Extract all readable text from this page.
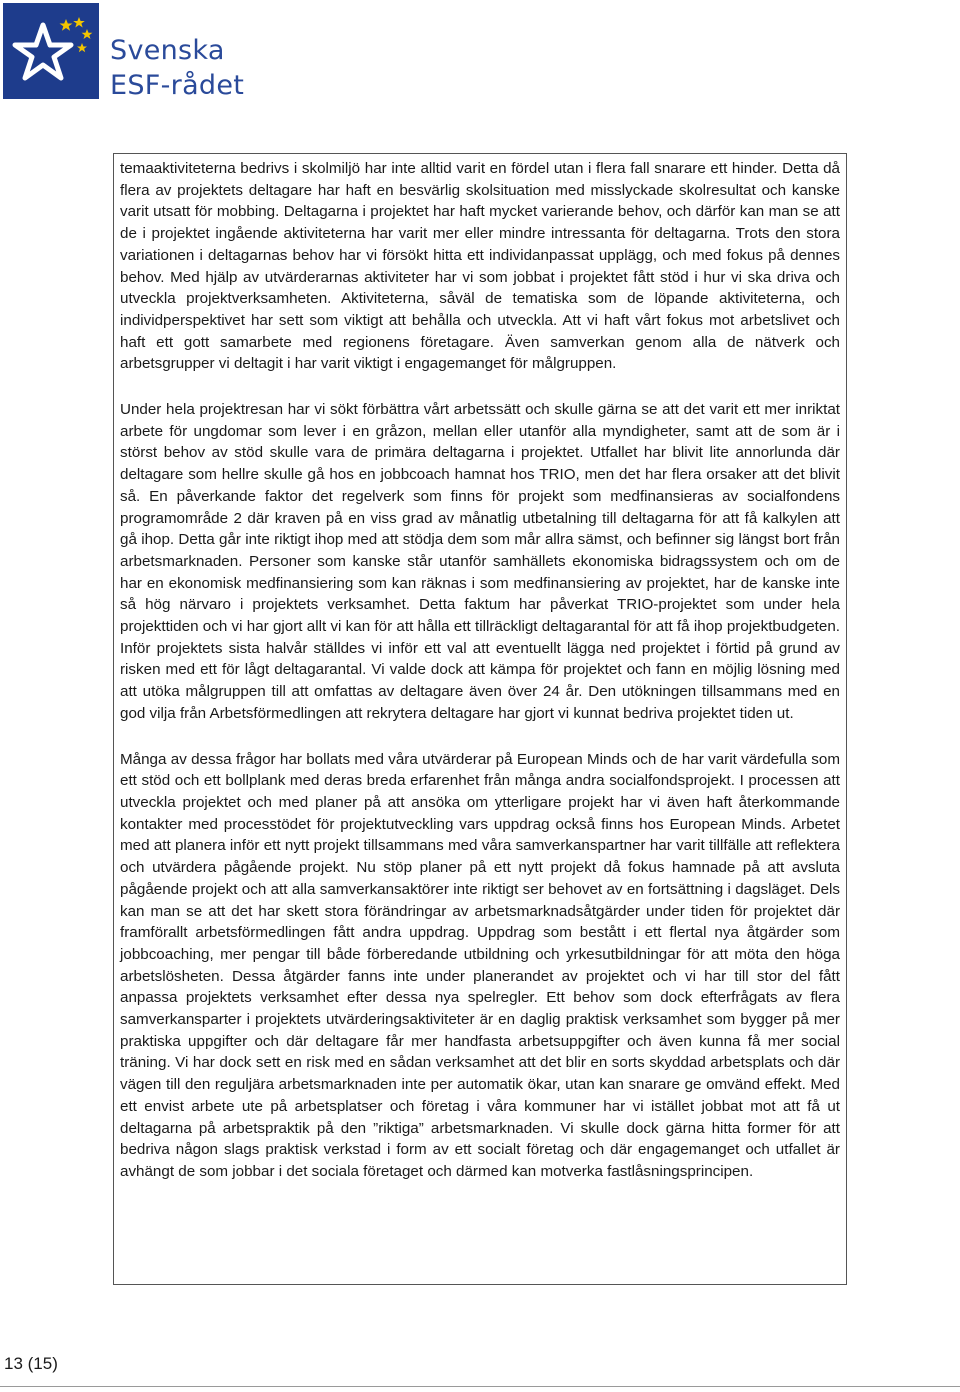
Svenska
ESF-rådet

temaaktiviteterna bedrivs i skolmiljö har inte alltid varit en fördel utan i flera fall snarare ett hinder. Detta då flera av projektets deltagare har haft en besvärlig skolsituation med misslyckade skolresultat och kanske varit utsatt för mobbing. Deltagarna i projektet har haft mycket varierande behov, och därför kan man se att de i projektet ingående aktiviteterna har varit mer eller mindre intressanta för deltagarna. Trots den stora variationen i deltagarnas behov har vi försökt hitta ett individanpassat upplägg, och med fokus på dennes behov. Med hjälp av utvärderarnas aktiviteter har vi som jobbat i projektet fått stöd i hur vi ska driva och utveckla projektverksamheten. Aktiviteterna, såväl de tematiska som de löpande aktiviteterna, och individperspektivet har sett som viktigt att behålla och utveckla. Att vi haft vårt fokus mot arbetslivet och haft ett gott samarbete med regionens företagare. Även samverkan genom alla de nätverk och arbetsgrupper vi deltagit i har varit viktigt i engagemanget för målgruppen.

Under hela projektresan har vi sökt förbättra vårt arbetssätt och skulle gärna se att det varit ett mer inriktat arbete för ungdomar som lever i en gråzon, mellan eller utanför alla myndigheter, samt att de som är i störst behov av stöd skulle vara de primära deltagarna i projektet. Utfallet har blivit lite annorlunda där deltagare som hellre skulle gå hos en jobbcoach hamnat hos TRIO, men det har flera orsaker att det blivit så. En påverkande faktor det regelverk som finns för projekt som medfinansieras av socialfondens programområde 2 där kraven på en viss grad av månatlig utbetalning till deltagarna för att få kalkylen att gå ihop. Detta går inte riktigt ihop med att stödja dem som mår allra sämst, och befinner sig längst bort från arbetsmarknaden. Personer som kanske står utanför samhällets ekonomiska bidragssystem och om de har en ekonomisk medfinansiering som kan räknas i som medfinansiering av projektet, har de kanske inte så hög närvaro i projektets verksamhet. Detta faktum har påverkat TRIO-projektet som under hela projekttiden och vi har gjort allt vi kan för att hålla ett tillräckligt deltagarantal för att få ihop projektbudgeten. Inför projektets sista halvår ställdes vi inför ett val att eventuellt lägga ned projektet i förtid på grund av risken med ett för lågt deltagarantal. Vi valde dock att kämpa för projektet och fann en möjlig lösning med att utöka målgruppen till att omfattas av deltagare även över 24 år. Den utökningen tillsammans med en god vilja från Arbetsförmedlingen att rekrytera deltagare har gjort vi kunnat bedriva projektet tiden ut.

Många av dessa frågor har bollats med våra utvärderar på European Minds och de har varit värdefulla som ett stöd och ett bollplank med deras breda erfarenhet från många andra socialfondsprojekt. I processen att utveckla projektet och med planer på att ansöka om ytterligare projekt har vi även haft återkommande kontakter med processtödet för projektutveckling vars uppdrag också finns hos European Minds. Arbetet med att planera inför ett nytt projekt tillsammans med våra samverkanspartner har varit tillfälle att reflektera och utvärdera pågående projekt. Nu stöp planer på ett nytt projekt då fokus hamnade på att avsluta pågående projekt och att alla samverkansaktörer inte riktigt ser behovet av en fortsättning i dagsläget. Dels kan man se att det har skett stora förändringar av arbetsmarknadsåtgärder under tiden för projektet där framförallt arbetsförmedlingen fått andra uppdrag. Uppdrag som bestått i ett flertal nya åtgärder som jobbcoaching, mer pengar till både förberedande utbildning och yrkesutbildningar för att möta den höga arbetslösheten. Dessa åtgärder fanns inte under planerandet av projektet och vi har till stor del fått anpassa projektets verksamhet efter dessa nya spelregler. Ett behov som dock efterfrågats av flera samverkansparter i projektets utvärderingsaktiviteter är en daglig praktisk verksamhet som bygger på mer praktiska uppgifter och där deltagare får mer handfasta arbetsuppgifter och även kunna få mer social träning. Vi har dock sett en risk med en sådan verksamhet att det blir en sorts skyddad arbetsplats och där vägen till den reguljära arbetsmarknaden inte per automatik ökar, utan kan snarare ge omvänd effekt. Med ett envist arbete ute på arbetsplatser och företag i våra kommuner har vi istället jobbat mot att få ut deltagarna på arbetspraktik på den ”riktiga” arbetsmarknaden. Vi skulle dock gärna hitta former för att bedriva någon slags praktisk verkstad i form av ett socialt företag och där engagemanget och utfallet är avhängt de som jobbar i det sociala företaget och därmed kan motverka fastlåsningsprincipen.

13 (15)
